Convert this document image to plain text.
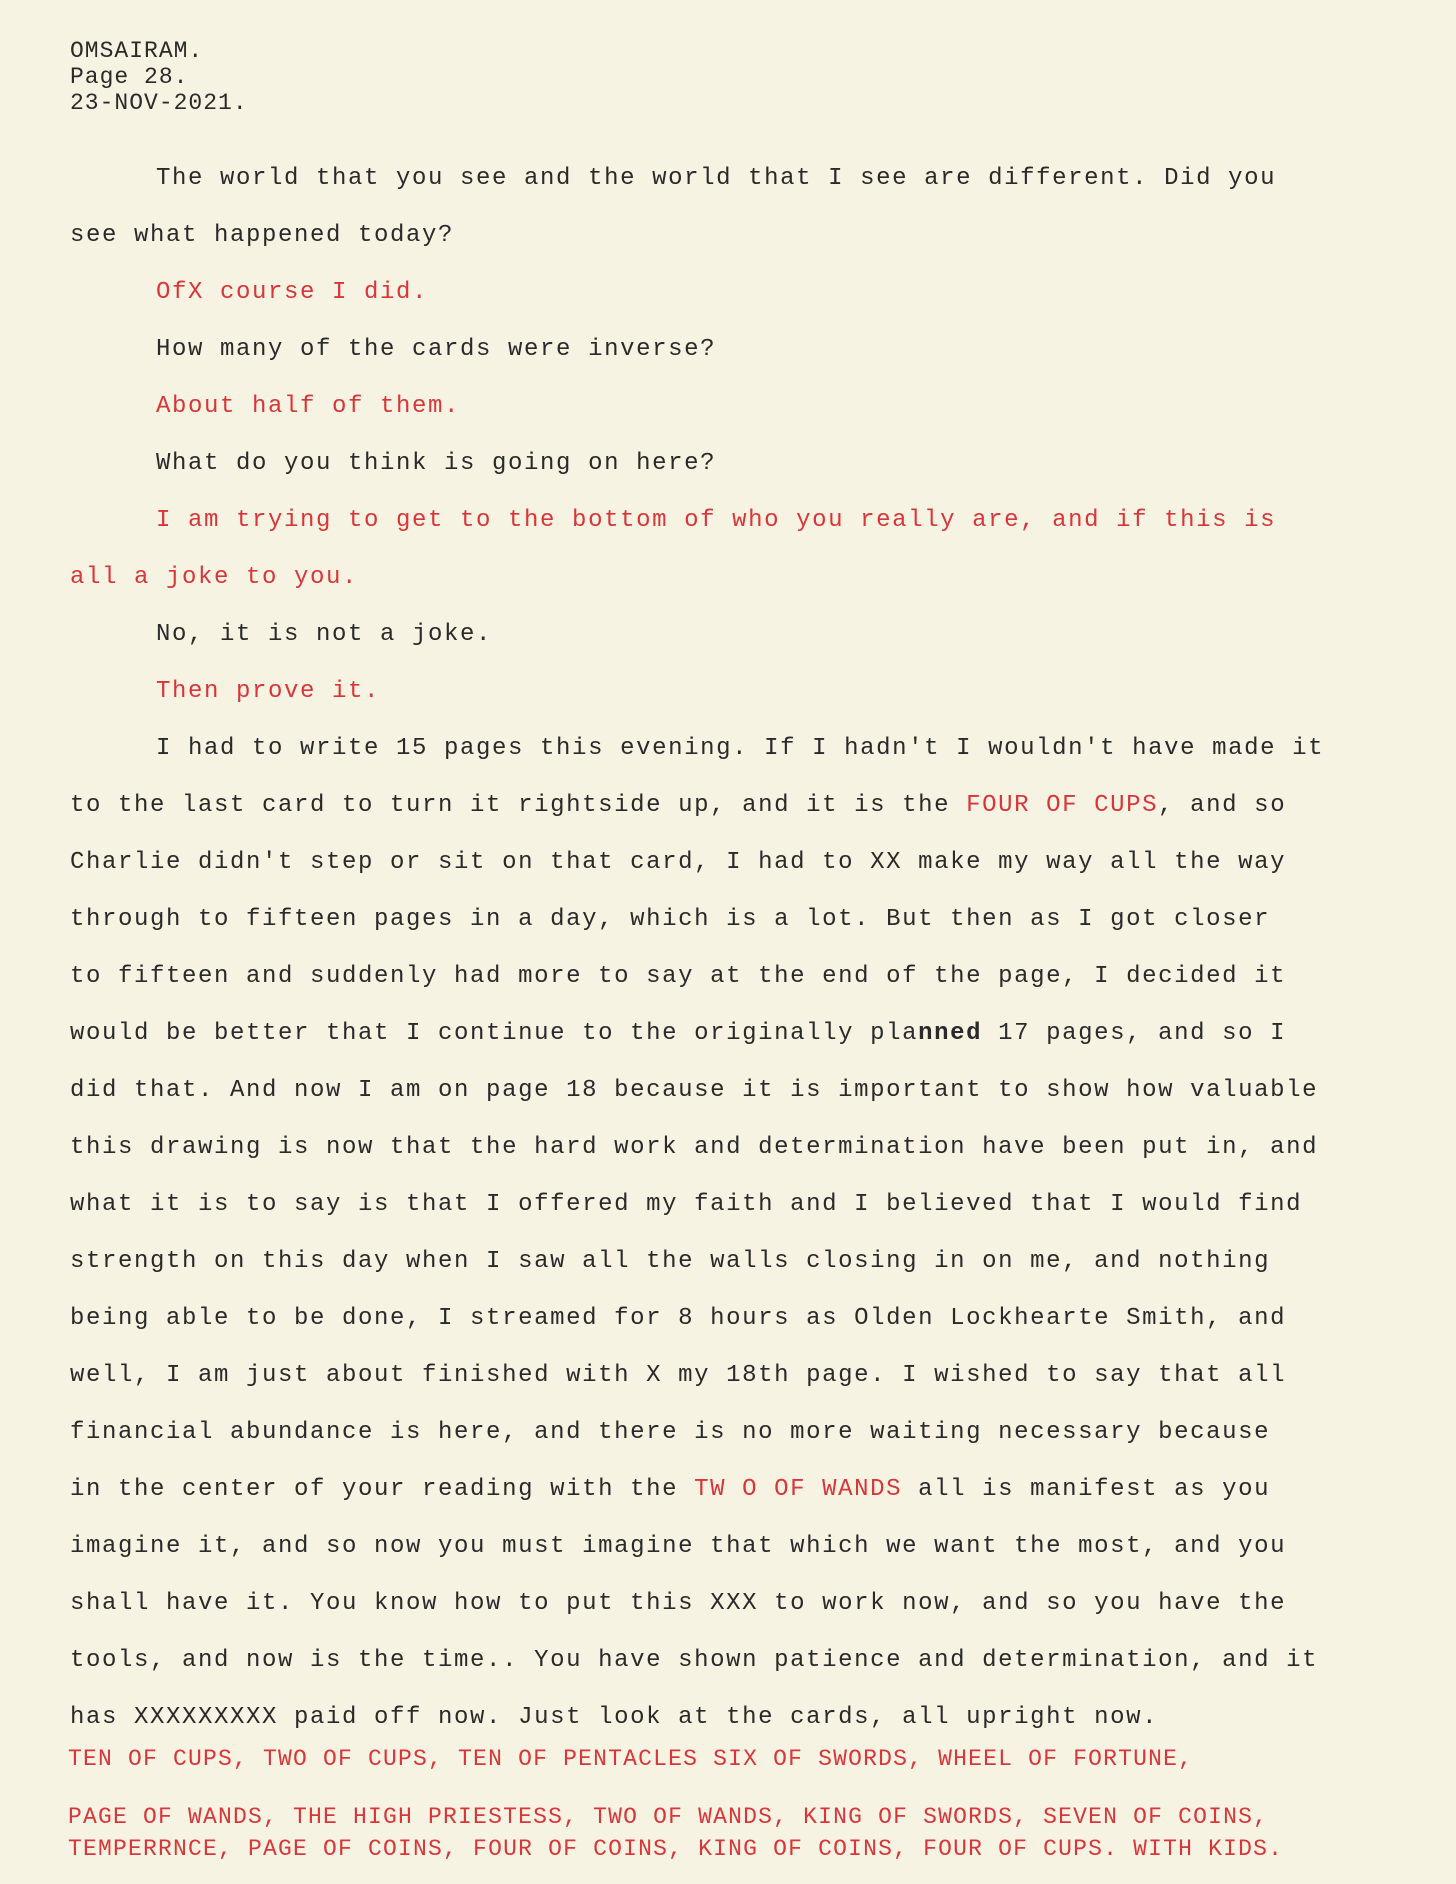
OMSAIRAM.
Page 28.
23-NOV-2021.

The world that you see and the world that I see are different. Did you

see what happened today?

OfX course I did.

How many of the cards were inverse?

About half of them.

What do you think is going on here?

I am trying to get to the bottom of who you really are, and if this is

all a joke to you.

No, it is not a joke.

Then prove it.

I had to write 15 pages this evening. If I hadn't I wouldn't have made it

to the last card to turn it rightside up, and it is the FOUR OF CUPS, and so

Charlie didn't step or sit on that card, I had to XX make my way all the way

through to fifteen pages in a day, which is a lot. But then as I got closer

to fifteen and suddenly had more to say at the end of the page, I decided it

would be better that I continue to the originally planned 17 pages, and so I

did that. And now I am on page 18 because it is important to show how valuable

this drawing is now that the hard work and determination have been put in, and

what it is to say is that I offered my faith and I believed that I would find

strength on this day when I saw all the walls closing in on me, and nothing

being able to be done, I streamed for 8 hours as Olden Lockhearte Smith, and

well, I am just about finished with X my 18th page. I wished to say that all

financial abundance is here, and there is no more waiting necessary because

in the center of your reading with the TW O OF WANDS all is manifest as you

imagine it, and so now you must imagine that which we want the most, and you

shall have it. You know how to put this XXX to work now, and so you have the

tools, and now is the time.. You have shown patience and determination, and it

has XXXXXXXXX paid off now. Just look at the cards, all upright now.

TEN OF CUPS, TWO OF CUPS, TEN OF PENTACLES SIX OF SWORDS, WHEEL OF FORTUNE,
PAGE OF WANDS, THE HIGH PRIESTESS, TWO OF WANDS, KING OF SWORDS, SEVEN OF COINS,
TEMPERRNCE, PAGE OF COINS, FOUR OF COINS, KING OF COINS, FOUR OF CUPS. WITH KIDS.
